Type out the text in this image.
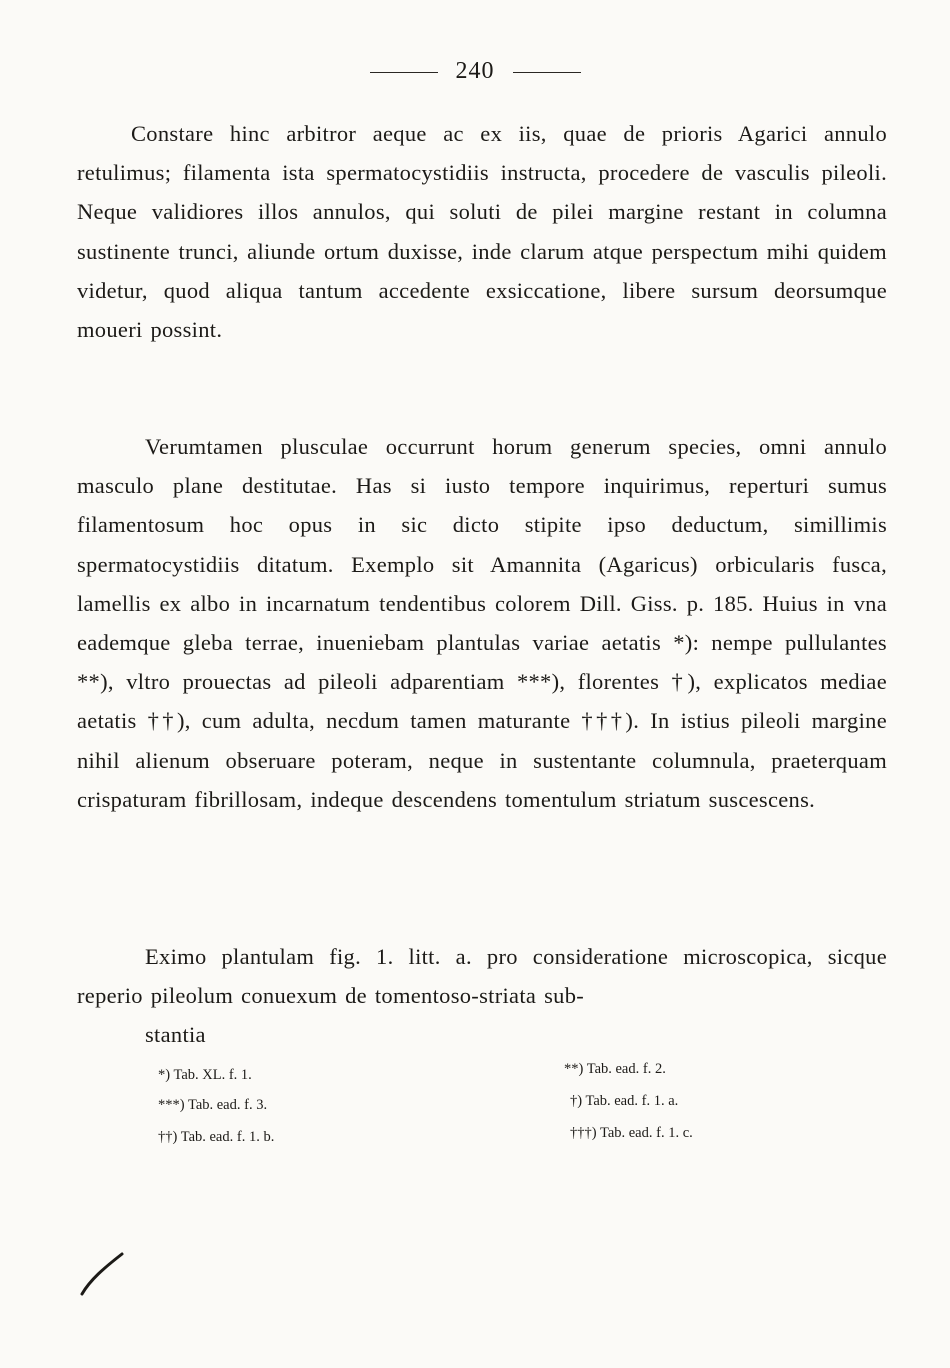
240

Constare hinc arbitror aeque ac ex iis, quae de prioris Agarici annulo retulimus; filamenta ista spermatocystidiis instructa, procedere de vasculis pileoli. Neque validiores illos annulos, qui soluti de pilei margine restant in columna sustinente trunci, aliunde ortum duxisse, inde clarum atque perspectum mihi quidem videtur, quod aliqua tantum accedente exsiccatione, libere sursum deorsumque moueri possint.

Verumtamen plusculae occurrunt horum generum species, omni annulo masculo plane destitutae. Has si iusto tempore inquirimus, reperturi sumus filamentosum hoc opus in sic dicto stipite ipso deductum, simillimis spermatocystidiis ditatum. Exemplo sit Amannita (Agaricus) orbicularis fusca, lamellis ex albo in incarnatum tendentibus colorem Dill. Giss. p. 185. Huius in vna eademque gleba terrae, inueniebam plantulas variae aetatis *): nempe pullulantes **), vltro prouectas ad pileoli adparentiam ***), florentes †), explicatos mediae aetatis ††), cum adulta, necdum tamen maturante †††). In istius pileoli margine nihil alienum obseruare poteram, neque in sustentante columnula, praeterquam crispaturam fibrillosam, indeque descendens tomentulum striatum suscescens.

Eximo plantulam fig. 1. litt. a. pro consideratione microscopica, sicque reperio pileolum conuexum de tomentoso-striata sub-
stantia

*) Tab. XL. f. 1.	**) Tab. ead. f. 2.
***) Tab. ead. f. 3.	†) Tab. ead. f. 1. a.
††) Tab. ead. f. 1. b.	†††) Tab. ead. f. 1. c.
